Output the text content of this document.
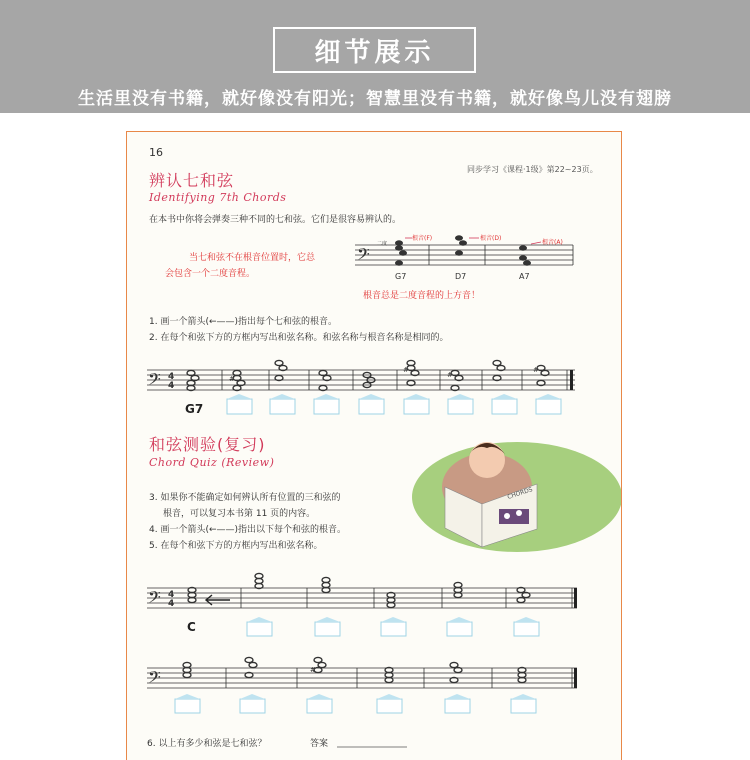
细节展示
生活里没有书籍，就好像没有阳光；智慧里没有书籍，就好像鸟儿没有翅膀
𝄢
𝄢 4
4
#
#
#
#
𝄢 4
4
𝄢	#
16
同步学习《课程·1级》第22~23页。
辨认七和弦
Identifying 7th Chords
在本书中你将会弹奏三种不同的七和弦。它们是很容易辨认的。
当七和弦不在根音位置时，它总
会包含一个二度音程。
二度
根音(F)	根音(D)
根音(A)
G7	D7	A7
根音总是二度音程的上方音！
1. 画一个箭头(←——)指出每个七和弦的根音。
2. 在每个和弦下方的方框内写出和弦名称。和弦名称与根音名称是相同的。
G7
和弦测验(复习)
Chord Quiz (Review)
3. 如果你不能确定如何辨认所有位置的三和弦的
根音，可以复习本书第 11 页的内容。
4. 画一个箭头(←——)指出以下每个和弦的根音。
5. 在每个和弦下方的方框内写出和弦名称。
CHORDS
C
6. 以上有多少和弦是七和弦？	答案
